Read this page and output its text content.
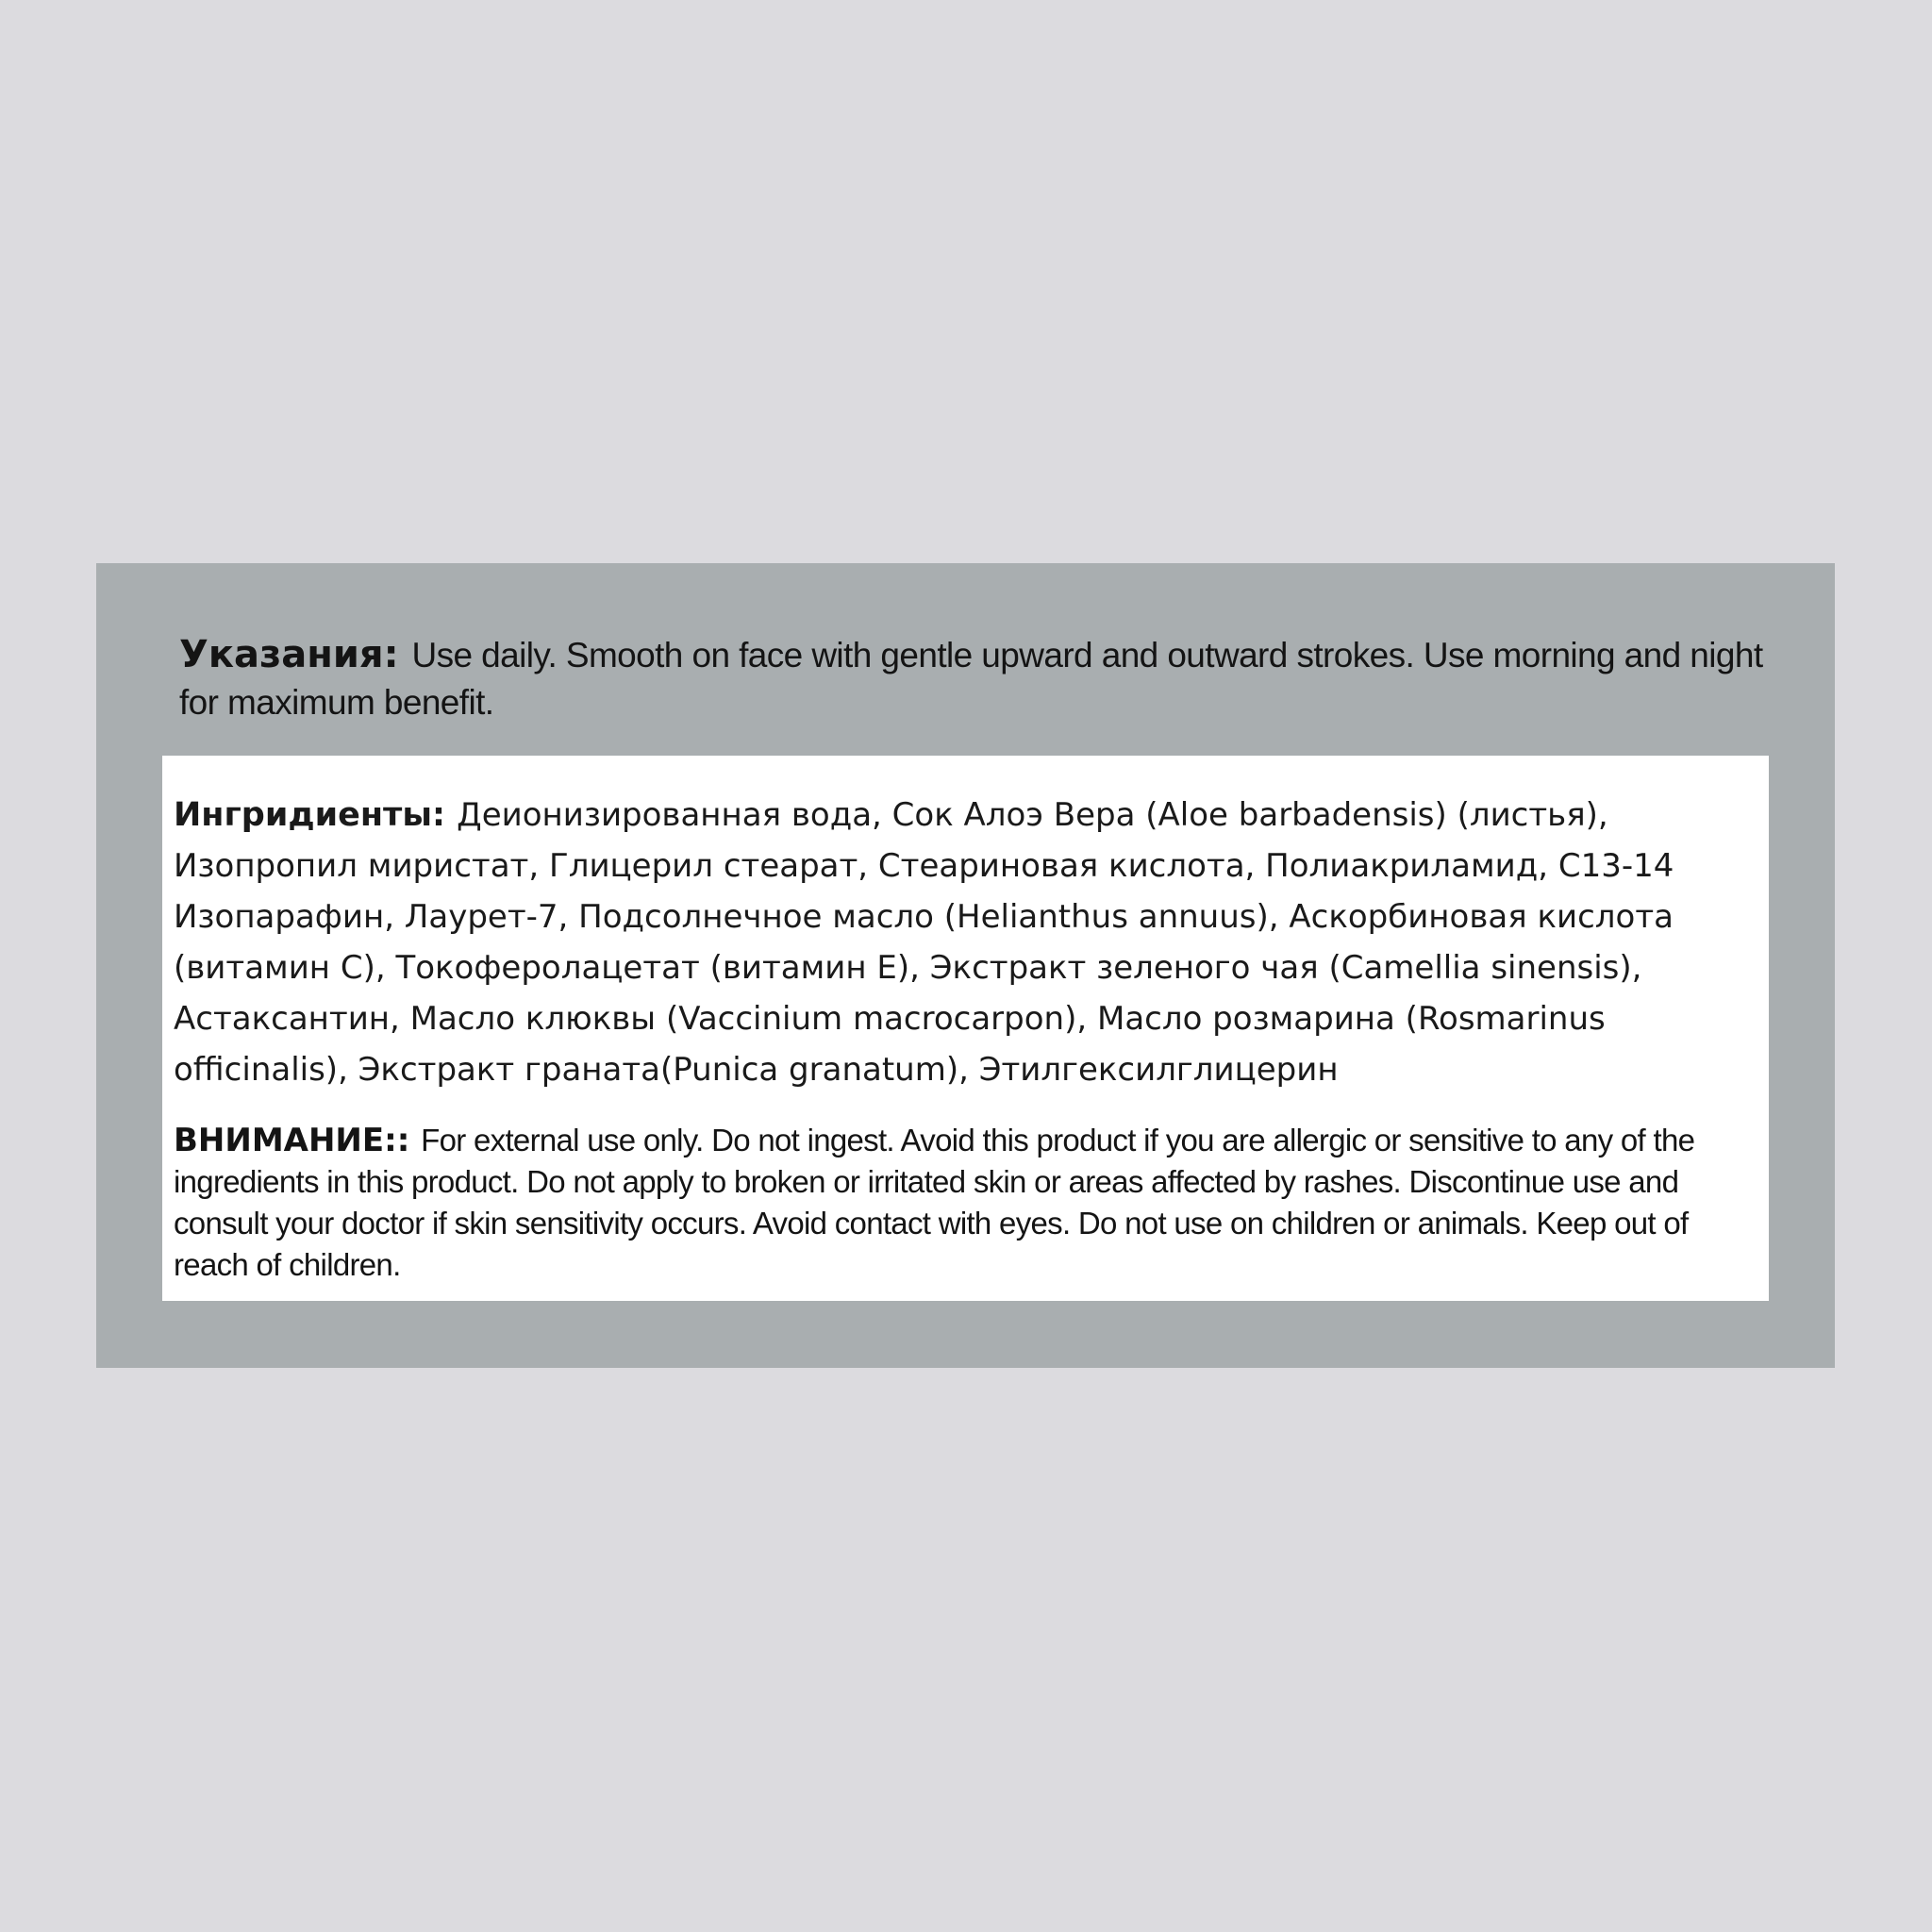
Указания: Use daily. Smooth on face with gentle upward and outward strokes. Use morning and night for maximum benefit.
Ингридиенты: Деионизированная вода, Сок Алоэ Вера (Aloe barbadensis) (листья), Изопропил миристат, Глицерил стеарат, Стеариновая кислота, Полиакриламид, C13-14 Изопарафин, Лаурет-7, Подсолнечное масло (Helianthus annuus), Аскорбиновая кислота (витамин C), Токоферолацетат (витамин E), Экстракт зеленого чая (Camellia sinensis), Астаксантин, Масло клюквы (Vaccinium macrocarpon), Масло розмарина (Rosmarinus officinalis), Экстракт граната(Punica granatum), Этилгексилглицерин
ВНИМАНИЕ:: For external use only. Do not ingest. Avoid this product if you are allergic or sensitive to any of the ingredients in this product. Do not apply to broken or irritated skin or areas affected by rashes. Discontinue use and consult your doctor if skin sensitivity occurs. Avoid contact with eyes. Do not use on children or animals. Keep out of reach of children.
